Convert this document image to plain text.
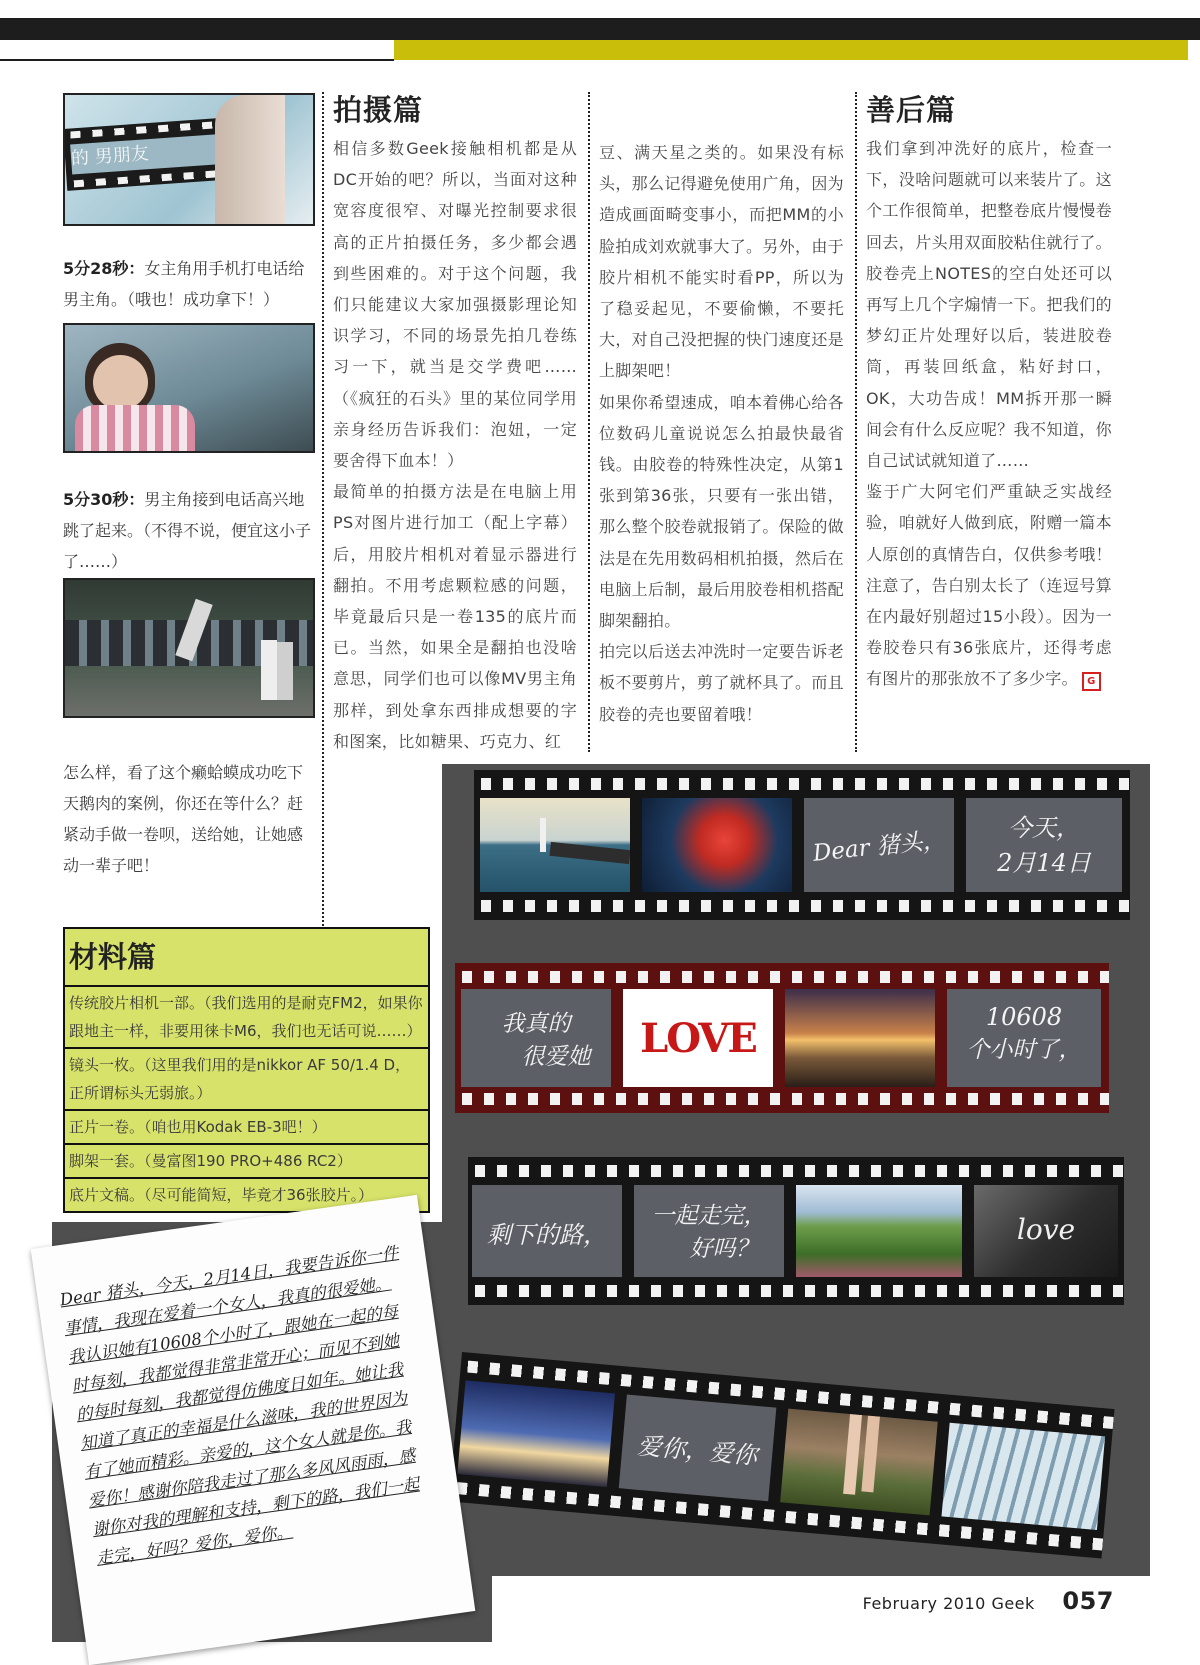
的 男朋友
5分28秒：女主角用手机打电话给男主角。（哦也！成功拿下！）
5分30秒：男主角接到电话高兴地跳了起来。（不得不说，便宜这小子了……）
怎么样，看了这个癞蛤蟆成功吃下天鹅肉的案例，你还在等什么？赶紧动手做一卷呗，送给她，让她感动一辈子吧！
拍摄篇

相信多数Geek接触相机都是从DC开始的吧？所以，当面对这种宽容度很窄、对曝光控制要求很高的正片拍摄任务，多少都会遇到些困难的。对于这个问题，我们只能建议大家加强摄影理论知识学习，不同的场景先拍几卷练习一下，就当是交学费吧……（《疯狂的石头》里的某位同学用亲身经历告诉我们：泡妞，一定要舍得下血本！）

最简单的拍摄方法是在电脑上用PS对图片进行加工（配上字幕）后，用胶片相机对着显示器进行翻拍。不用考虑颗粒感的问题，毕竟最后只是一卷135的底片而已。当然，如果全是翻拍也没啥意思，同学们也可以像MV男主角那样，到处拿东西排成想要的字和图案，比如糖果、巧克力、红

豆、满天星之类的。如果没有标头，那么记得避免使用广角，因为造成画面畸变事小，而把MM的小脸拍成刘欢就事大了。另外，由于胶片相机不能实时看PP，所以为了稳妥起见，不要偷懒，不要托大，对自己没把握的快门速度还是上脚架吧！

如果你希望速成，咱本着佛心给各位数码儿童说说怎么拍最快最省钱。由胶卷的特殊性决定，从第1张到第36张，只要有一张出错，那么整个胶卷就报销了。保险的做法是在先用数码相机拍摄，然后在电脑上后制，最后用胶卷相机搭配脚架翻拍。

拍完以后送去冲洗时一定要告诉老板不要剪片，剪了就杯具了。而且胶卷的壳也要留着哦！

善后篇

我们拿到冲洗好的底片，检查一下，没啥问题就可以来装片了。这个工作很简单，把整卷底片慢慢卷回去，片头用双面胶粘住就行了。胶卷壳上NOTES的空白处还可以再写上几个字煽情一下。把我们的梦幻正片处理好以后，装进胶卷筒，再装回纸盒，粘好封口，OK，大功告成！MM拆开那一瞬间会有什么反应呢？我不知道，你自己试试就知道了……

鉴于广大阿宅们严重缺乏实战经验，咱就好人做到底，附赠一篇本人原创的真情告白，仅供参考哦！注意了，告白别太长了（连逗号算在内最好别超过15小段）。因为一卷胶卷只有36张底片，还得考虑有图片的那张放不了多少字。 G

材料篇
传统胶片相机一部。（我们选用的是耐克FM2，如果你跟地主一样，非要用徕卡M6，我们也无话可说……）
镜头一枚。（这里我们用的是nikkor AF 50/1.4 D，正所谓标头无弱旅。）
正片一卷。（咱也用Kodak EB-3吧！）
脚架一套。（曼富图190 PRO+486 RC2）
底片文稿。（尽可能简短，毕竟才36张胶片。）
Dear 猪头，	今天，
2月14日
我真的
很爱她	LOVE	10608
个小时了，
剩下的路，
一起走完，
好吗？
love
爱你，爱你
Dear 猪头，今天，2月14日，我要告诉你一件事情，我现在爱着一个女人，我真的很爱她。我认识她有10608个小时了，跟她在一起的每时每刻，我都觉得非常非常开心；而见不到她的每时每刻，我都觉得仿佛度日如年。她让我知道了真正的幸福是什么滋味，我的世界因为有了她而精彩。亲爱的，这个女人就是你。我爱你！感谢你陪我走过了那么多风风雨雨，感谢你对我的理解和支持，剩下的路，我们一起走完，好吗？爱你，爱你。
February 2010 Geek 057
